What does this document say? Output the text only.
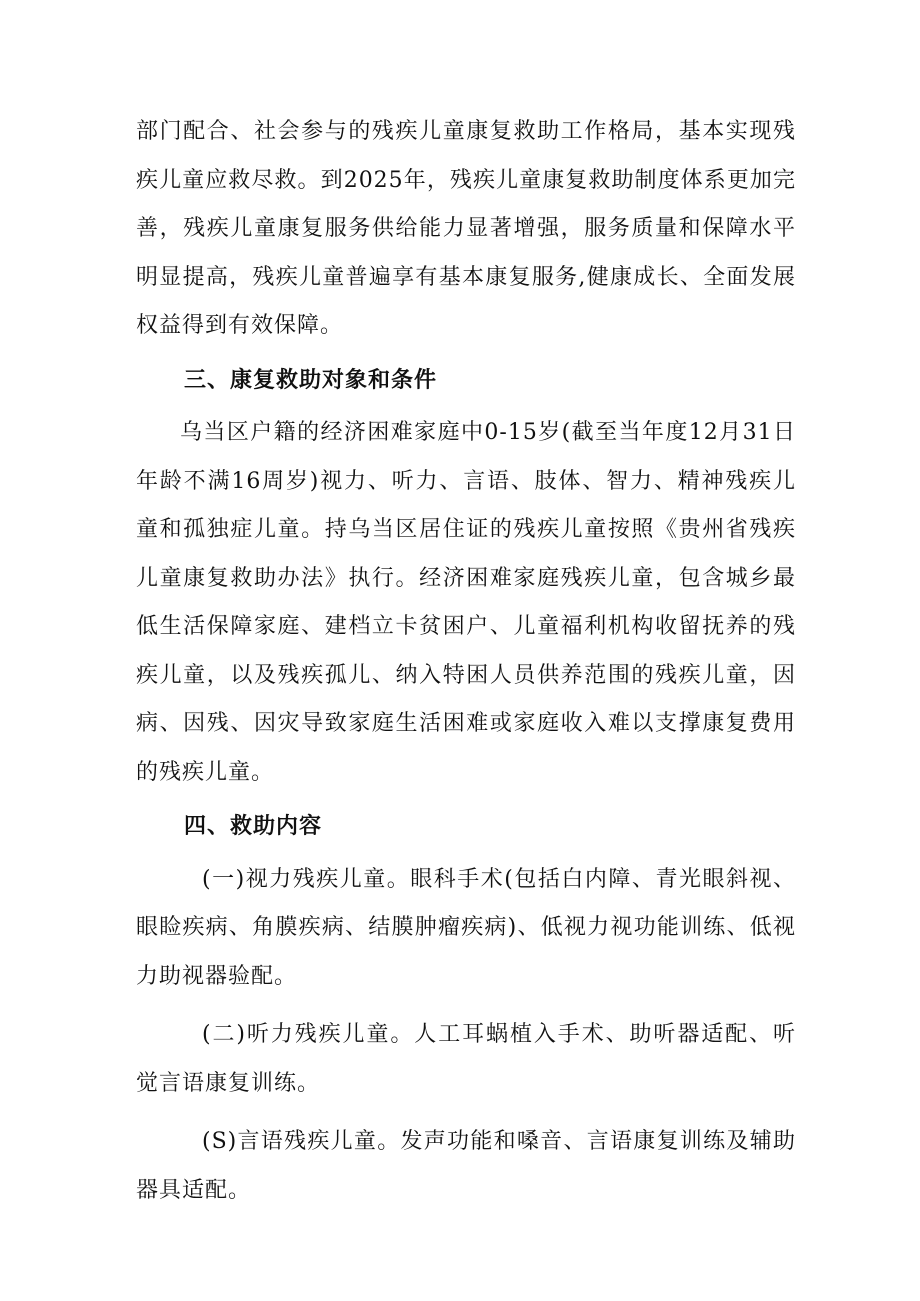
部门配合、社会参与的残疾儿童康复救助工作格局，基本实现残疾儿童应救尽救。到2025年，残疾儿童康复救助制度体系更加完善，残疾儿童康复服务供给能力显著增强，服务质量和保障水平明显提高，残疾儿童普遍享有基本康复服务,健康成长、全面发展权益得到有效保障。

三、康复救助对象和条件

乌当区户籍的经济困难家庭中0-15岁(截至当年度12月31日年龄不满16周岁)视力、听力、言语、肢体、智力、精神残疾儿童和孤独症儿童。持乌当区居住证的残疾儿童按照《贵州省残疾儿童康复救助办法》执行。经济困难家庭残疾儿童，包含城乡最低生活保障家庭、建档立卡贫困户、儿童福利机构收留抚养的残疾儿童，以及残疾孤儿、纳入特困人员供养范围的残疾儿童，因病、因残、因灾导致家庭生活困难或家庭收入难以支撑康复费用的残疾儿童。

四、救助内容

(一)视力残疾儿童。眼科手术(包括白内障、青光眼斜视、眼睑疾病、角膜疾病、结膜肿瘤疾病)、低视力视功能训练、低视力助视器验配。

(二)听力残疾儿童。人工耳蜗植入手术、助听器适配、听觉言语康复训练。

(S)言语残疾儿童。发声功能和嗓音、言语康复训练及辅助器具适配。
